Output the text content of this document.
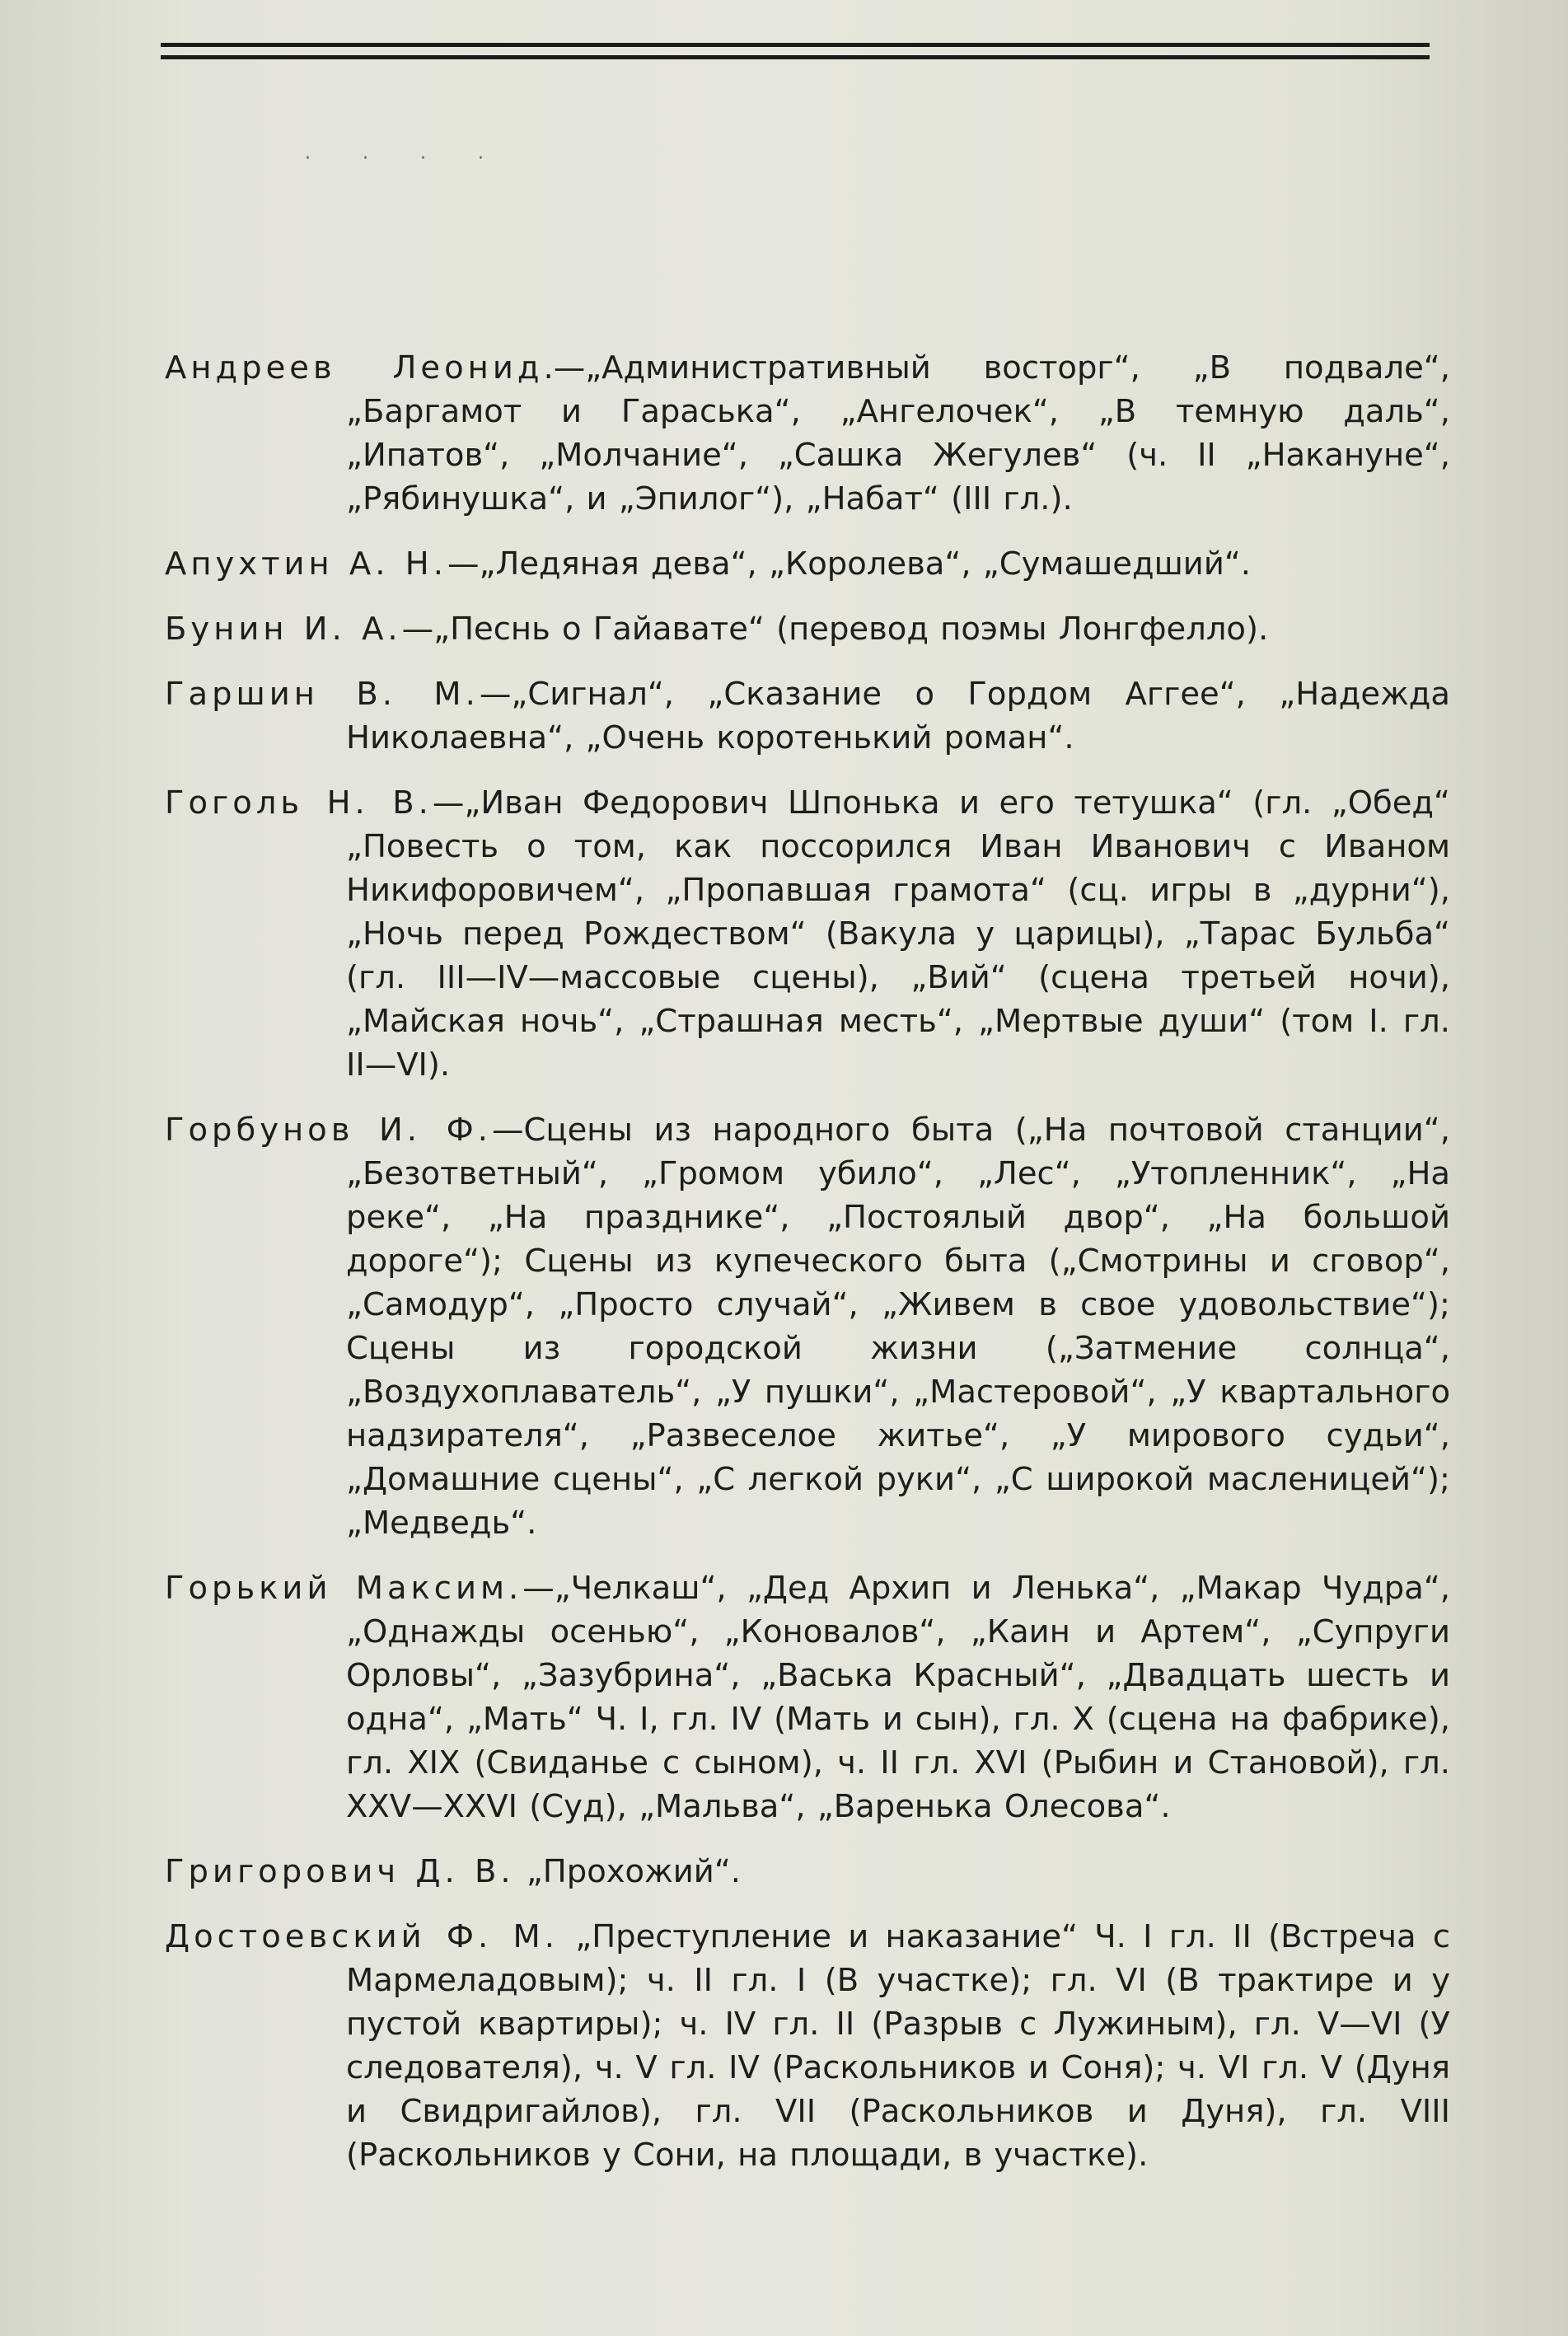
· · · ·

Андреев Леонид.—„Административный восторг“, „В подвале“, „Баргамот и Гараська“, „Ангелочек“, „В темную даль“, „Ипатов“, „Молчание“, „Сашка Жегулев“ (ч. II „Накануне“, „Рябинушка“, и „Эпилог“), „Набат“ (III гл.).

Апухтин А. Н.—„Ледяная дева“, „Королева“, „Сумашедший“.

Бунин И. А.—„Песнь о Гайавате“ (перевод поэмы Лонгфелло).

Гаршин В. М.—„Сигнал“, „Сказание о Гордом Аггее“, „Надежда Николаевна“, „Очень коротенький роман“.

Гоголь Н. В.—„Иван Федорович Шпонька и его тетушка“ (гл. „Обед“ „Повесть о том, как поссорился Иван Иванович с Иваном Никифоровичем“, „Пропавшая грамота“ (сц. игры в „дурни“), „Ночь перед Рождеством“ (Вакула у царицы), „Тарас Бульба“ (гл. III—IV—массовые сцены), „Вий“ (сцена третьей ночи), „Майская ночь“, „Страшная месть“, „Мертвые души“ (том I. гл. II—VI).

Горбунов И. Ф.—Сцены из народного быта („На почтовой станции“, „Безответный“, „Громом убило“, „Лес“, „Утопленник“, „На реке“, „На празднике“, „Постоялый двор“, „На большой дороге“); Сцены из купеческого быта („Смотрины и сговор“, „Самодур“, „Просто случай“, „Живем в свое удовольствие“); Сцены из городской жизни („Затмение солнца“, „Воздухоплаватель“, „У пушки“, „Мастеровой“, „У квартального надзирателя“, „Развеселое житье“, „У мирового судьи“, „Домашние сцены“, „С легкой руки“, „С широкой масленицей“); „Медведь“.

Горький Максим.—„Челкаш“, „Дед Архип и Ленька“, „Макар Чудра“, „Однажды осенью“, „Коновалов“, „Каин и Артем“, „Супруги Орловы“, „Зазубрина“, „Васька Красный“, „Двадцать шесть и одна“, „Мать“ Ч. I, гл. IV (Мать и сын), гл. X (сцена на фабрике), гл. XIX (Свиданье с сыном), ч. II гл. XVI (Рыбин и Становой), гл. XXV—XXVI (Суд), „Мальва“, „Варенька Олесова“.

Григорович Д. В. „Прохожий“.

Достоевский Ф. М. „Преступление и наказание“ Ч. I гл. II (Встреча с Мармеладовым); ч. II гл. I (В участке); гл. VI (В трактире и у пустой квартиры); ч. IV гл. II (Разрыв с Лужиным), гл. V—VI (У следователя), ч. V гл. IV (Раскольников и Соня); ч. VI гл. V (Дуня и Свидригайлов), гл. VII (Раскольников и Дуня), гл. VIII (Раскольников у Сони, на площади, в участке).
